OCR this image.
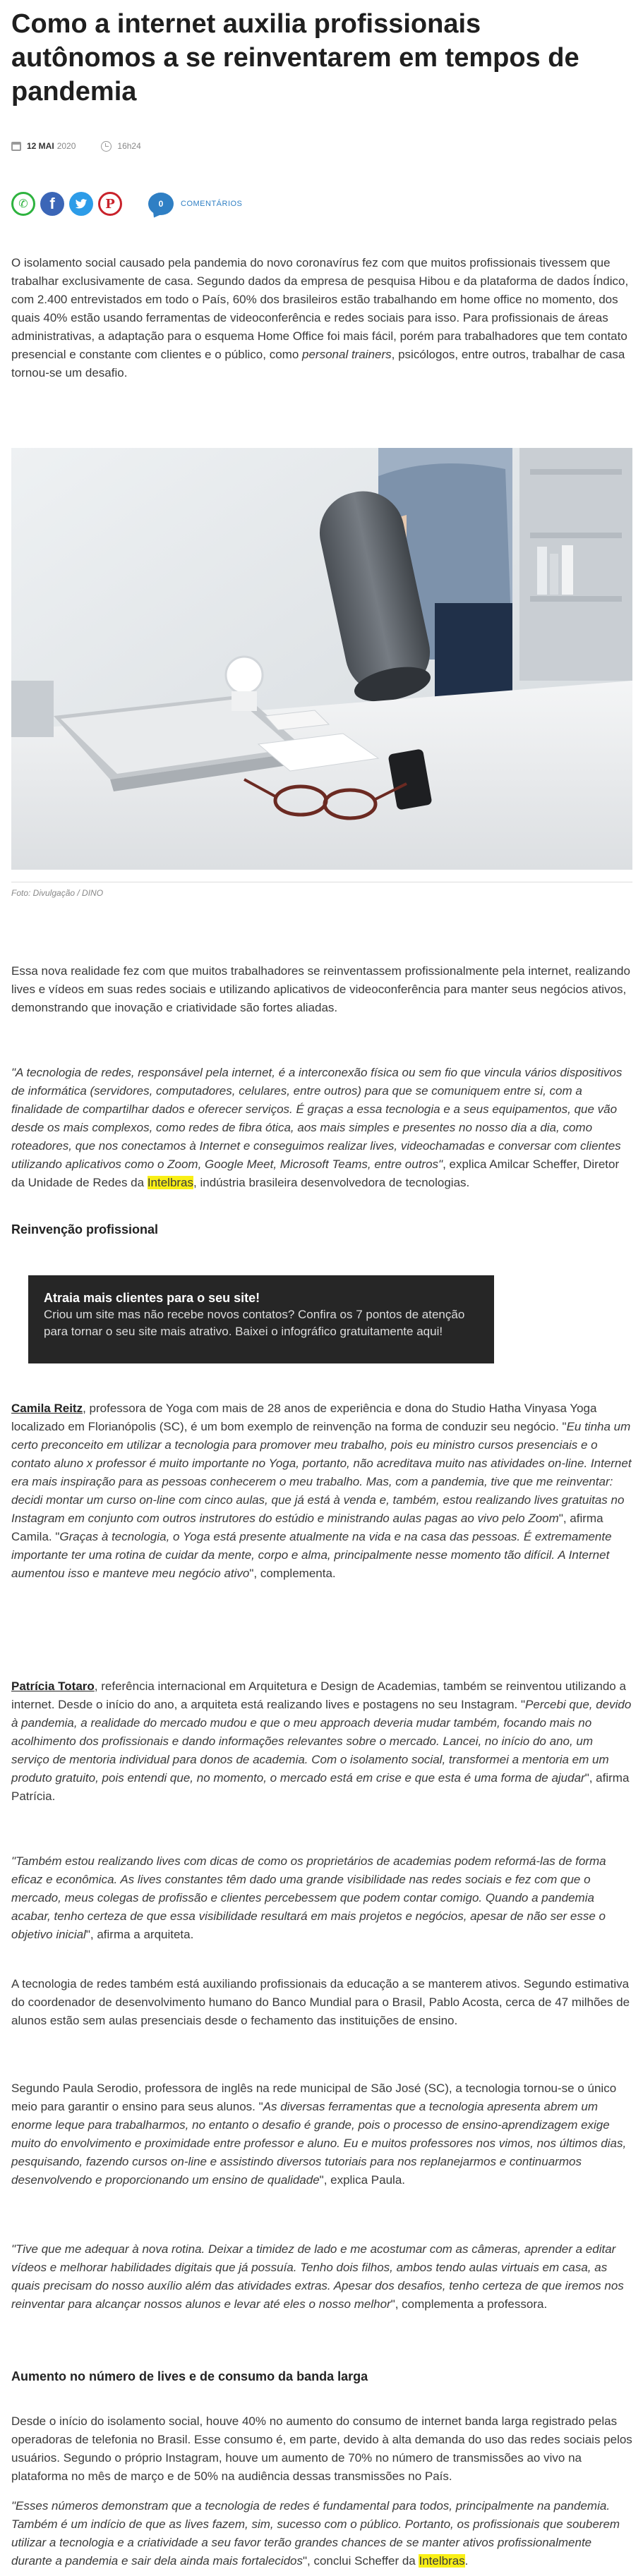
Como a internet auxilia profissionais autônomos a se reinventarem em tempos de pandemia
12 MAI 2020	16h24
✆	f	P	0 COMENTÁRIOS

O isolamento social causado pela pandemia do novo coronavírus fez com que muitos profissionais tivessem que trabalhar exclusivamente de casa. Segundo dados da empresa de pesquisa Hibou e da plataforma de dados Índico, com 2.400 entrevistados em todo o País, 60% dos brasileiros estão trabalhando em home office no momento, dos quais 40% estão usando ferramentas de videoconferência e redes sociais para isso. Para profissionais de áreas administrativas, a adaptação para o esquema Home Office foi mais fácil, porém para trabalhadores que tem contato presencial e constante com clientes e o público, como personal trainers, psicólogos, entre outros, trabalhar de casa tornou-se um desafio.

Foto: Divulgação / DINO

Essa nova realidade fez com que muitos trabalhadores se reinventassem profissionalmente pela internet, realizando lives e vídeos em suas redes sociais e utilizando aplicativos de videoconferência para manter seus negócios ativos, demonstrando que inovação e criatividade são fortes aliadas.

"A tecnologia de redes, responsável pela internet, é a interconexão física ou sem fio que vincula vários dispositivos de informática (servidores, computadores, celulares, entre outros) para que se comuniquem entre si, com a finalidade de compartilhar dados e oferecer serviços. É graças a essa tecnologia e a seus equipamentos, que vão desde os mais complexos, como redes de fibra ótica, aos mais simples e presentes no nosso dia a dia, como roteadores, que nos conectamos à Internet e conseguimos realizar lives, videochamadas e conversar com clientes utilizando aplicativos como o Zoom, Google Meet, Microsoft Teams, entre outros", explica Amilcar Scheffer, Diretor da Unidade de Redes da Intelbras, indústria brasileira desenvolvedora de tecnologias.

Reinvenção profissional
Atraia mais clientes para o seu site!
Criou um site mas não recebe novos contatos? Confira os 7 pontos de atenção para tornar o seu site mais atrativo. Baixei o infográfico gratuitamente aqui!

Camila Reitz, professora de Yoga com mais de 28 anos de experiência e dona do Studio Hatha Vinyasa Yoga localizado em Florianópolis (SC), é um bom exemplo de reinvenção na forma de conduzir seu negócio. "Eu tinha um certo preconceito em utilizar a tecnologia para promover meu trabalho, pois eu ministro cursos presenciais e o contato aluno x professor é muito importante no Yoga, portanto, não acreditava muito nas atividades on-line. Internet era mais inspiração para as pessoas conhecerem o meu trabalho. Mas, com a pandemia, tive que me reinventar: decidi montar um curso on-line com cinco aulas, que já está à venda e, também, estou realizando lives gratuitas no Instagram em conjunto com outros instrutores do estúdio e ministrando aulas pagas ao vivo pelo Zoom", afirma Camila. "Graças à tecnologia, o Yoga está presente atualmente na vida e na casa das pessoas. É extremamente importante ter uma rotina de cuidar da mente, corpo e alma, principalmente nesse momento tão difícil. A Internet aumentou isso e manteve meu negócio ativo", complementa.

Patrícia Totaro, referência internacional em Arquitetura e Design de Academias, também se reinventou utilizando a internet. Desde o início do ano, a arquiteta está realizando lives e postagens no seu Instagram. "Percebi que, devido à pandemia, a realidade do mercado mudou e que o meu approach deveria mudar também, focando mais no acolhimento dos profissionais e dando informações relevantes sobre o mercado. Lancei, no início do ano, um serviço de mentoria individual para donos de academia. Com o isolamento social, transformei a mentoria em um produto gratuito, pois entendi que, no momento, o mercado está em crise e que esta é uma forma de ajudar", afirma Patrícia.

"Também estou realizando lives com dicas de como os proprietários de academias podem reformá-las de forma eficaz e econômica. As lives constantes têm dado uma grande visibilidade nas redes sociais e fez com que o mercado, meus colegas de profissão e clientes percebessem que podem contar comigo. Quando a pandemia acabar, tenho certeza de que essa visibilidade resultará em mais projetos e negócios, apesar de não ser esse o objetivo inicial", afirma a arquiteta.

A tecnologia de redes também está auxiliando profissionais da educação a se manterem ativos. Segundo estimativa do coordenador de desenvolvimento humano do Banco Mundial para o Brasil, Pablo Acosta, cerca de 47 milhões de alunos estão sem aulas presenciais desde o fechamento das instituições de ensino.

Segundo Paula Serodio, professora de inglês na rede municipal de São José (SC), a tecnologia tornou-se o único meio para garantir o ensino para seus alunos. "As diversas ferramentas que a tecnologia apresenta abrem um enorme leque para trabalharmos, no entanto o desafio é grande, pois o processo de ensino-aprendizagem exige muito do envolvimento e proximidade entre professor e aluno. Eu e muitos professores nos vimos, nos últimos dias, pesquisando, fazendo cursos on-line e assistindo diversos tutoriais para nos replanejarmos e continuarmos desenvolvendo e proporcionando um ensino de qualidade", explica Paula.

"Tive que me adequar à nova rotina. Deixar a timidez de lado e me acostumar com as câmeras, aprender a editar vídeos e melhorar habilidades digitais que já possuía. Tenho dois filhos, ambos tendo aulas virtuais em casa, as quais precisam do nosso auxílio além das atividades extras. Apesar dos desafios, tenho certeza de que iremos nos reinventar para alcançar nossos alunos e levar até eles o nosso melhor", complementa a professora.

Aumento no número de lives e de consumo da banda larga

Desde o início do isolamento social, houve 40% no aumento do consumo de internet banda larga registrado pelas operadoras de telefonia no Brasil. Esse consumo é, em parte, devido à alta demanda do uso das redes sociais pelos usuários. Segundo o próprio Instagram, houve um aumento de 70% no número de transmissões ao vivo na plataforma no mês de março e de 50% na audiência dessas transmissões no País.

"Esses números demonstram que a tecnologia de redes é fundamental para todos, principalmente na pandemia. Também é um indício de que as lives fazem, sim, sucesso com o público. Portanto, os profissionais que souberem utilizar a tecnologia e a criatividade a seu favor terão grandes chances de se manter ativos profissionalmente durante a pandemia e sair dela ainda mais fortalecidos", conclui Scheffer da Intelbras.
